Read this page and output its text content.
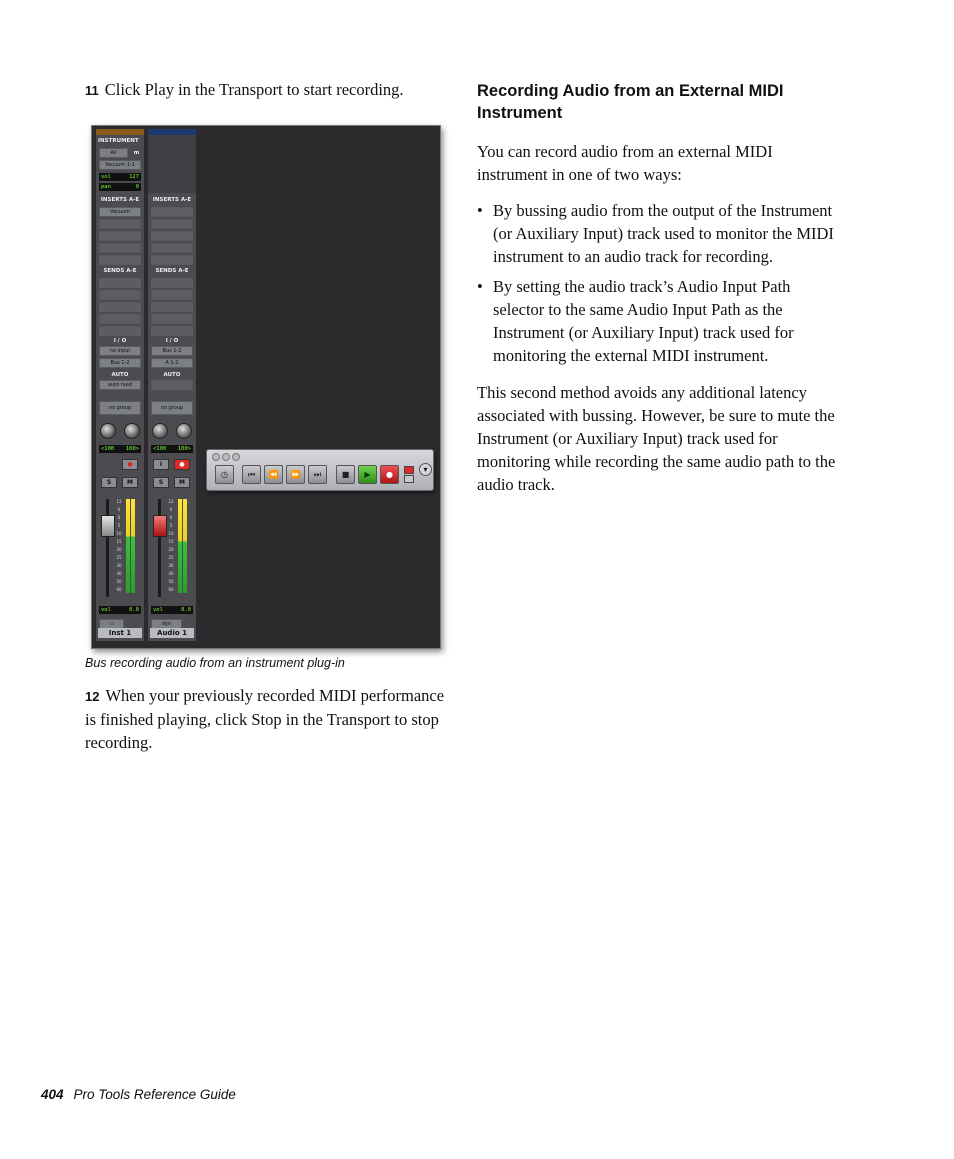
11 Click Play in the Transport to start recording.

INSTRUMENT
All	m
Vacuum 1-1
vol	127
pan	0
INSERTS A-E
Vacuum
SENDS A-E
I / O
no input
Bus 1-2
AUTO
auto read
no group
<100 100>
●
S	M
vol	0.0
▭
Inst 1
12
6
0
5
10
15
20
25
30
40
50
60
INSERTS A-E
SENDS A-E
I / O
Bus 1-2
A 1-2
AUTO
no group
<100 100>
I	●
S	M
vol	0.0
dyn
Audio 1
12
6
0
5
10
15
20
25
30
40
50
60
◷	⏮	⏪	⏩	⏭	■	▶	●
▾
Bus recording audio from an instrument plug-in

12 When your previously recorded MIDI performance is finished playing, click Stop in the Transport to stop recording.

Recording Audio from an External MIDI Instrument

You can record audio from an external MIDI instrument in one of two ways:

• By bussing audio from the output of the Instrument (or Auxiliary Input) track used to monitor the MIDI instrument to an audio track for recording.
• By setting the audio track’s Audio Input Path selector to the same Audio Input Path as the Instrument (or Auxiliary Input) track used for monitoring the external MIDI instrument.

This second method avoids any additional latency associated with bussing. However, be sure to mute the Instrument (or Auxiliary Input) track used for monitoring while recording the same audio path to the audio track.

404 Pro Tools Reference Guide
